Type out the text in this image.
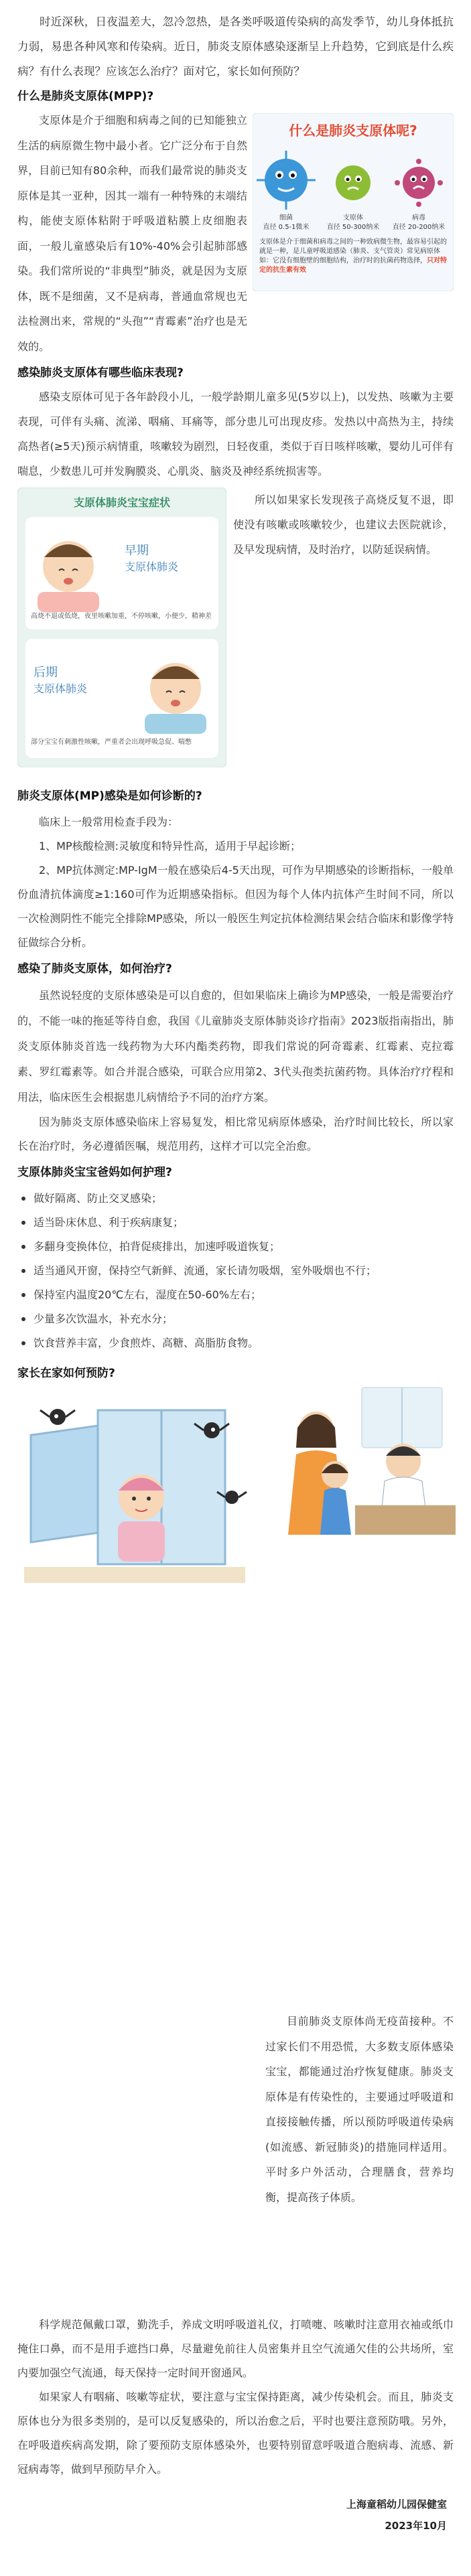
时近深秋，日夜温差大，忽冷忽热，是各类呼吸道传染病的高发季节，幼儿身体抵抗力弱，易患各种风寒和传染病。近日，肺炎支原体感染逐渐呈上升趋势，它到底是什么疾病？有什么表现？应该怎么治疗？面对它，家长如何预防？

什么是肺炎支原体(MPP)?

支原体是介于细胞和病毒之间的已知能独立生活的病原微生物中最小者。它广泛分布于自然界，目前已知有80余种，而我们最常说的肺炎支原体是其一亚种，因其一端有一种特殊的末端结构，能使支原体粘附于呼吸道粘膜上皮细胞表面，一般儿童感染后有10%-40%会引起肺部感染。我们常所说的“非典型”肺炎，就是因为支原体，既不是细菌，又不是病毒，普通血常规也无法检测出来，常规的“头孢”“青霉素”治疗也是无效的。

什么是肺炎支原体呢?
细菌
直径 0.5-1微米
支原体
直径 50-300纳米
病毒
直径 20-200纳米
支原体是介于细菌和病毒之间的一种致病微生物，最容易引起的就是一种，是儿童呼吸道感染（肺炎、支气管炎）常见病原体如：它没有细胞壁的细胞结构，治疗时的抗菌药物选择，只对特定的抗生素有效
感染肺炎支原体有哪些临床表现?

感染支原体可见于各年龄段小儿，一般学龄期儿童多见(5岁以上)，以发热、咳嗽为主要表现，可伴有头痛、流涕、咽痛、耳痛等，部分患儿可出现皮疹。发热以中高热为主，持续高热者(≥5天)预示病情重，咳嗽较为剧烈，日轻夜重，类似于百日咳样咳嗽，婴幼儿可伴有喘息，少数患儿可并发胸膜炎、心肌炎、脑炎及神经系统损害等。

支原体肺炎宝宝症状
早期
支原体肺炎
高烧不退或低烧，夜里咳嗽加重，不停咳嗽，小便少，精神差
后期
支原体肺炎
部分宝宝有刺激性咳嗽，严重者会出现呼吸急促、喘憋

所以如果家长发现孩子高烧反复不退，即使没有咳嗽或咳嗽较少，也建议去医院就诊，及早发现病情，及时治疗，以防延误病情。

肺炎支原体(MP)感染是如何诊断的?

临床上一般常用检查手段为：

1、MP核酸检测:灵敏度和特异性高，适用于早起诊断；

2、MP抗体测定:MP-IgM一般在感染后4-5天出现，可作为早期感染的诊断指标，一般单份血清抗体滴度≥1:160可作为近期感染指标。但因为每个人体内抗体产生时间不同，所以一次检测阴性不能完全排除MP感染，所以一般医生判定抗体检测结果会结合临床和影像学特征做综合分析。

感染了肺炎支原体，如何治疗?

虽然说轻度的支原体感染是可以自愈的，但如果临床上确诊为MP感染，一般是需要治疗的，不能一味的拖延等待自愈，我国《儿童肺炎支原体肺炎诊疗指南》2023版指南指出，肺炎支原体肺炎首选一线药物为大环内酯类药物，即我们常说的阿奇霉素、红霉素、克拉霉素、罗红霉素等。如合并混合感染，可联合应用第2、3代头孢类抗菌药物。具体治疗疗程和用法，临床医生会根据患儿病情给予不同的治疗方案。

因为肺炎支原体感染临床上容易复发，相比常见病原体感染，治疗时间比较长，所以家长在治疗时，务必遵循医嘱，规范用药，这样才可以完全治愈。

支原体肺炎宝宝爸妈如何护理?
做好隔离、防止交叉感染；
适当卧床休息、利于疾病康复；
多翻身变换体位，拍背促痰排出，加速呼吸道恢复；
适当通风开窗，保持空气新鲜、流通，家长请勿吸烟，室外吸烟也不行；
保持室内温度20℃左右，湿度在50-60%左右；
少量多次饮温水，补充水分；
饮食营养丰富，少食煎炸、高糖、高脂肪食物。
家长在家如何预防?

目前肺炎支原体尚无疫苗接种。不过家长们不用恐慌，大多数支原体感染宝宝，都能通过治疗恢复健康。肺炎支原体是有传染性的，主要通过呼吸道和直接接触传播，所以预防呼吸道传染病(如流感、新冠肺炎)的措施同样适用。平时多户外活动，合理膳食，营养均衡，提高孩子体质。

科学规范佩戴口罩，勤洗手，养成文明呼吸道礼仪，打喷嚏、咳嗽时注意用衣袖或纸巾掩住口鼻，而不是用手遮挡口鼻，尽量避免前往人员密集并且空气流通欠佳的公共场所，室内要加强空气流通，每天保持一定时间开窗通风。

如果家人有咽痛、咳嗽等症状，要注意与宝宝保持距离，减少传染机会。而且，肺炎支原体也分为很多类别的，是可以反复感染的，所以治愈之后，平时也要注意预防哦。另外，在呼吸道疾病高发期，除了要预防支原体感染外，也要特别留意呼吸道合胞病毒、流感、新冠病毒等，做到早预防早介入。

上海童稻幼儿园保健室
2023年10月
